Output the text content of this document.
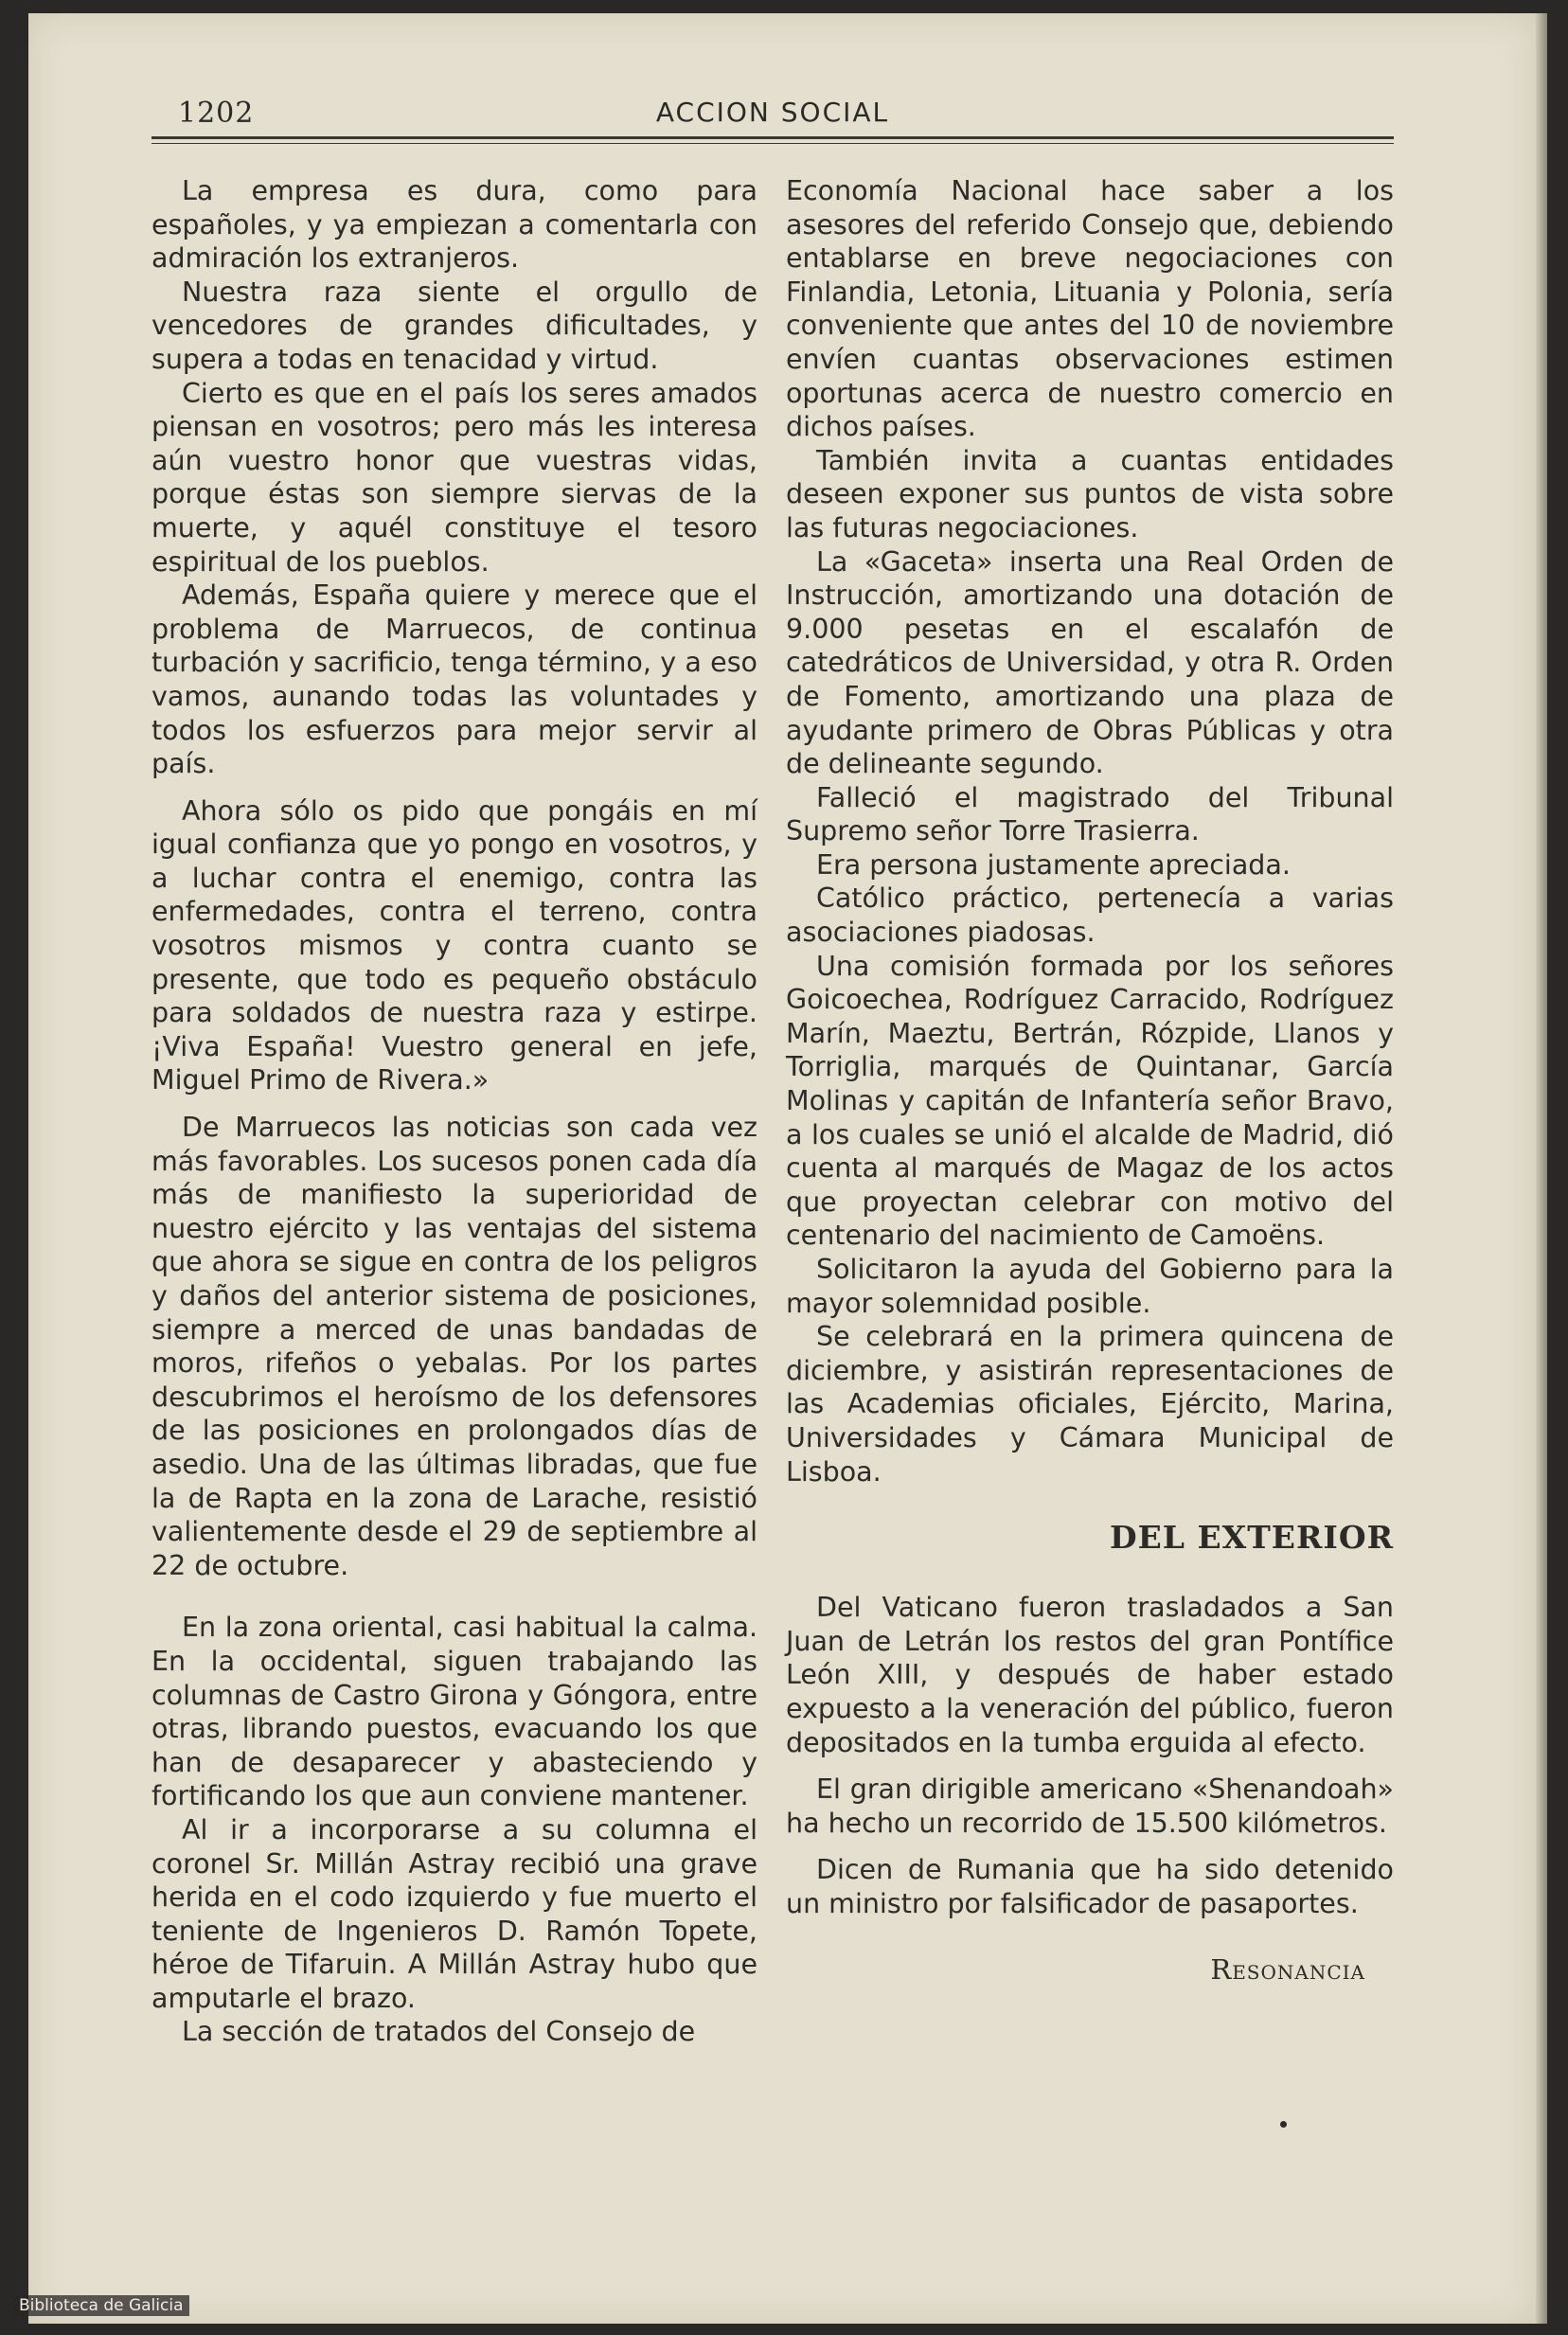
1202	ACCION SOCIAL

La empresa es dura, como para españoles, y ya empiezan a comentarla con admiración los extranjeros.

Nuestra raza siente el orgullo de vencedores de grandes dificultades, y supera a todas en tenacidad y virtud.

Cierto es que en el país los seres amados piensan en vosotros; pero más les interesa aún vuestro honor que vuestras vidas, porque éstas son siempre siervas de la muerte, y aquél constituye el tesoro espiritual de los pueblos.

Además, España quiere y merece que el problema de Marruecos, de continua turbación y sacrificio, tenga término, y a eso vamos, aunando todas las voluntades y todos los esfuerzos para mejor servir al país.

Ahora sólo os pido que pongáis en mí igual confianza que yo pongo en vosotros, y a luchar contra el enemigo, contra las enfermedades, contra el terreno, contra vosotros mismos y contra cuanto se presente, que todo es pequeño obstáculo para soldados de nuestra raza y estirpe. ¡Viva España! Vuestro general en jefe, Miguel Primo de Rivera.»

De Marruecos las noticias son cada vez más favorables. Los sucesos ponen cada día más de manifiesto la superioridad de nuestro ejército y las ventajas del sistema que ahora se sigue en contra de los peligros y daños del anterior sistema de posiciones, siempre a merced de unas bandadas de moros, rifeños o yebalas. Por los partes descubrimos el heroísmo de los defensores de las posiciones en prolongados días de asedio. Una de las últimas libradas, que fue la de Rapta en la zona de Larache, resistió valientemente desde el 29 de septiembre al 22 de octubre.

En la zona oriental, casi habitual la calma. En la occidental, siguen trabajando las columnas de Castro Girona y Góngora, entre otras, librando puestos, evacuando los que han de desaparecer y abasteciendo y fortificando los que aun conviene mantener.

Al ir a incorporarse a su columna el coronel Sr. Millán Astray recibió una grave herida en el codo izquierdo y fue muerto el teniente de Ingenieros D. Ramón Topete, héroe de Tifaruin. A Millán Astray hubo que amputarle el brazo.

La sección de tratados del Consejo de

Economía Nacional hace saber a los asesores del referido Consejo que, debiendo entablarse en breve negociaciones con Finlandia, Letonia, Lituania y Polonia, sería conveniente que antes del 10 de noviembre envíen cuantas observaciones estimen oportunas acerca de nuestro comercio en dichos países.

También invita a cuantas entidades deseen exponer sus puntos de vista sobre las futuras negociaciones.

La «Gaceta» inserta una Real Orden de Instrucción, amortizando una dotación de 9.000 pesetas en el escalafón de catedráticos de Universidad, y otra R. Orden de Fomento, amortizando una plaza de ayudante primero de Obras Públicas y otra de delineante segundo.

Falleció el magistrado del Tribunal Supremo señor Torre Trasierra.

Era persona justamente apreciada.

Católico práctico, pertenecía a varias asociaciones piadosas.

Una comisión formada por los señores Goicoechea, Rodríguez Carracido, Rodríguez Marín, Maeztu, Bertrán, Rózpide, Llanos y Torriglia, marqués de Quintanar, García Molinas y capitán de Infantería señor Bravo, a los cuales se unió el alcalde de Madrid, dió cuenta al marqués de Magaz de los actos que proyectan celebrar con motivo del centenario del nacimiento de Camoëns.

Solicitaron la ayuda del Gobierno para la mayor solemnidad posible.

Se celebrará en la primera quincena de diciembre, y asistirán representaciones de las Academias oficiales, Ejército, Marina, Universidades y Cámara Municipal de Lisboa.

DEL EXTERIOR

Del Vaticano fueron trasladados a San Juan de Letrán los restos del gran Pontífice León XIII, y después de haber estado expuesto a la veneración del público, fueron depositados en la tumba erguida al efecto.

El gran dirigible americano «Shenandoah» ha hecho un recorrido de 15.500 kilómetros.

Dicen de Rumania que ha sido detenido un ministro por falsificador de pasaportes.

Resonancia
Biblioteca de Galicia
